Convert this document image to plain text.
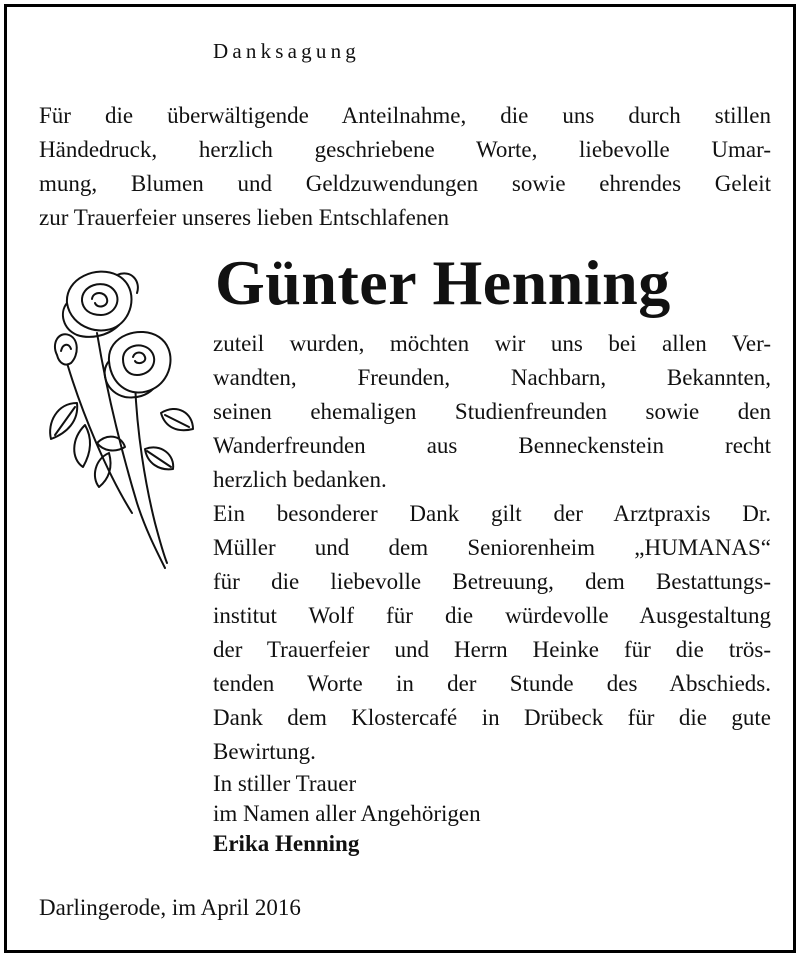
Danksagung
Für die überwältigende Anteilnahme, die uns durch stillen
Händedruck, herzlich geschriebene Worte, liebevolle Umar-
mung, Blumen und Geldzuwendungen sowie ehrendes Geleit
zur Trauerfeier unseres lieben Entschlafenen
Günter Henning
zuteil wurden, möchten wir uns bei allen Ver-
wandten, Freunden, Nachbarn, Bekannten,
seinen ehemaligen Studienfreunden sowie den
Wanderfreunden aus Benneckenstein recht
herzlich bedanken.
Ein besonderer Dank gilt der Arztpraxis Dr.
Müller und dem Seniorenheim „HUMANAS“
für die liebevolle Betreuung, dem Bestattungs-
institut Wolf für die würdevolle Ausgestaltung
der Trauerfeier und Herrn Heinke für die trös-
tenden Worte in der Stunde des Abschieds.
Dank dem Klostercafé in Drübeck für die gute
Bewirtung.
In stiller Trauer
im Namen aller Angehörigen
Erika Henning
Darlingerode, im April 2016
